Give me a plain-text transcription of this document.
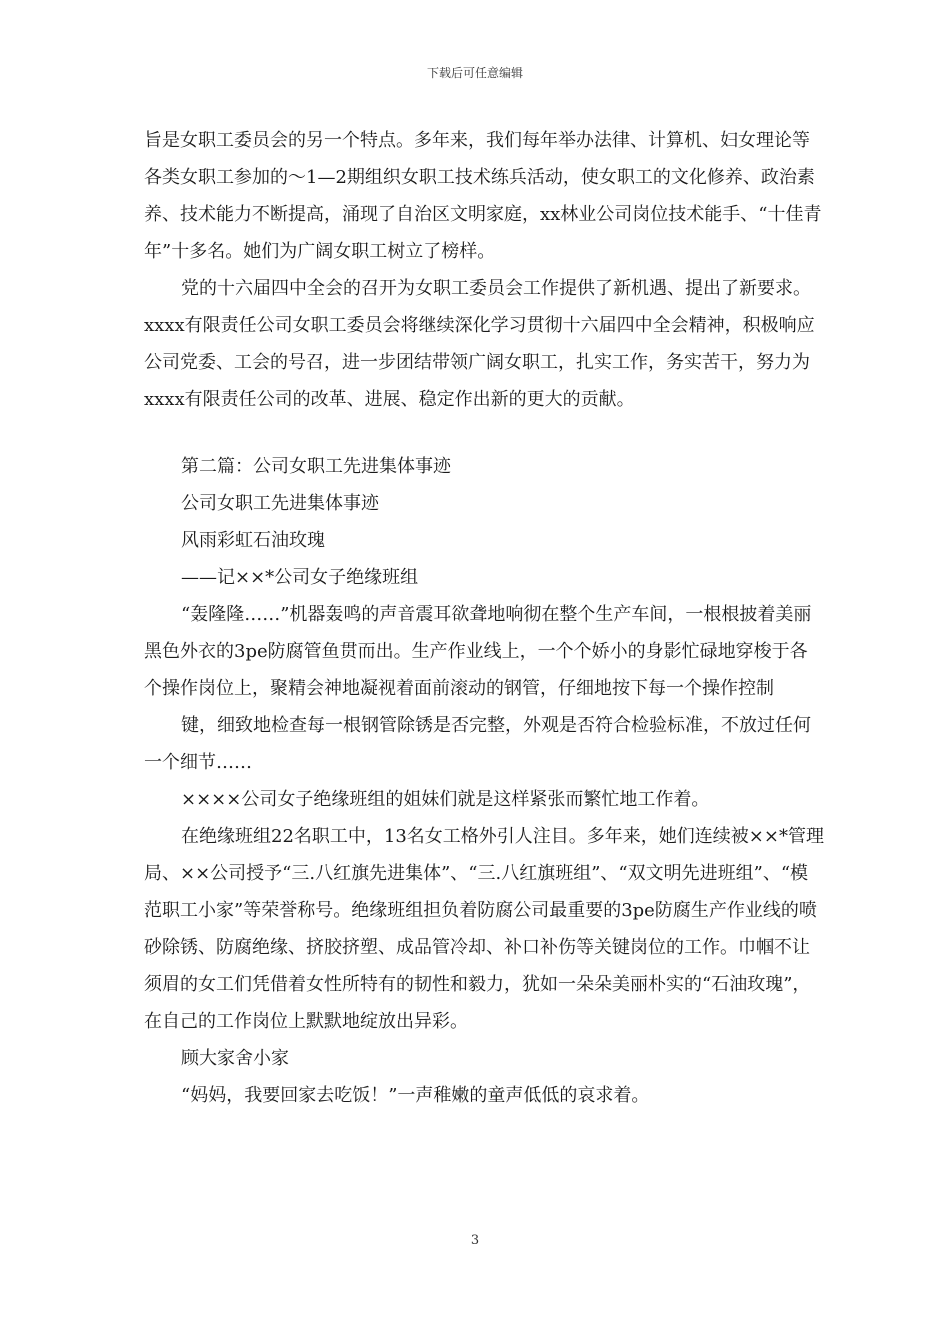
下载后可任意编辑

旨是女职工委员会的另一个特点。多年来，我们每年举办法律、计算机、妇女理论等各类女职工参加的～1—2期组织女职工技术练兵活动，使女职工的文化修养、政治素养、技术能力不断提高，涌现了自治区文明家庭，xx林业公司岗位技术能手、“十佳青年”十多名。她们为广阔女职工树立了榜样。

党的十六届四中全会的召开为女职工委员会工作提供了新机遇、提出了新要求。xxxx有限责任公司女职工委员会将继续深化学习贯彻十六届四中全会精神，积极响应公司党委、工会的号召，进一步团结带领广阔女职工，扎实工作，务实苦干，努力为xxxx有限责任公司的改革、进展、稳定作出新的更大的贡献。

第二篇：公司女职工先进集体事迹

公司女职工先进集体事迹

风雨彩虹石油玫瑰

——记××*公司女子绝缘班组

“轰隆隆……”机器轰鸣的声音震耳欲聋地响彻在整个生产车间，一根根披着美丽黑色外衣的3pe防腐管鱼贯而出。生产作业线上，一个个娇小的身影忙碌地穿梭于各个操作岗位上，聚精会神地凝视着面前滚动的钢管，仔细地按下每一个操作控制

键，细致地检查每一根钢管除锈是否完整，外观是否符合检验标准，不放过任何一个细节……

××××公司女子绝缘班组的姐妹们就是这样紧张而繁忙地工作着。

在绝缘班组22名职工中，13名女工格外引人注目。多年来，她们连续被××*管理局、××公司授予“三.八红旗先进集体”、“三.八红旗班组”、“双文明先进班组”、“模范职工小家”等荣誉称号。绝缘班组担负着防腐公司最重要的3pe防腐生产作业线的喷砂除锈、防腐绝缘、挤胶挤塑、成品管冷却、补口补伤等关键岗位的工作。巾帼不让须眉的女工们凭借着女性所特有的韧性和毅力，犹如一朵朵美丽朴实的“石油玫瑰”，在自己的工作岗位上默默地绽放出异彩。

顾大家舍小家

“妈妈，我要回家去吃饭！”一声稚嫩的童声低低的哀求着。

3
